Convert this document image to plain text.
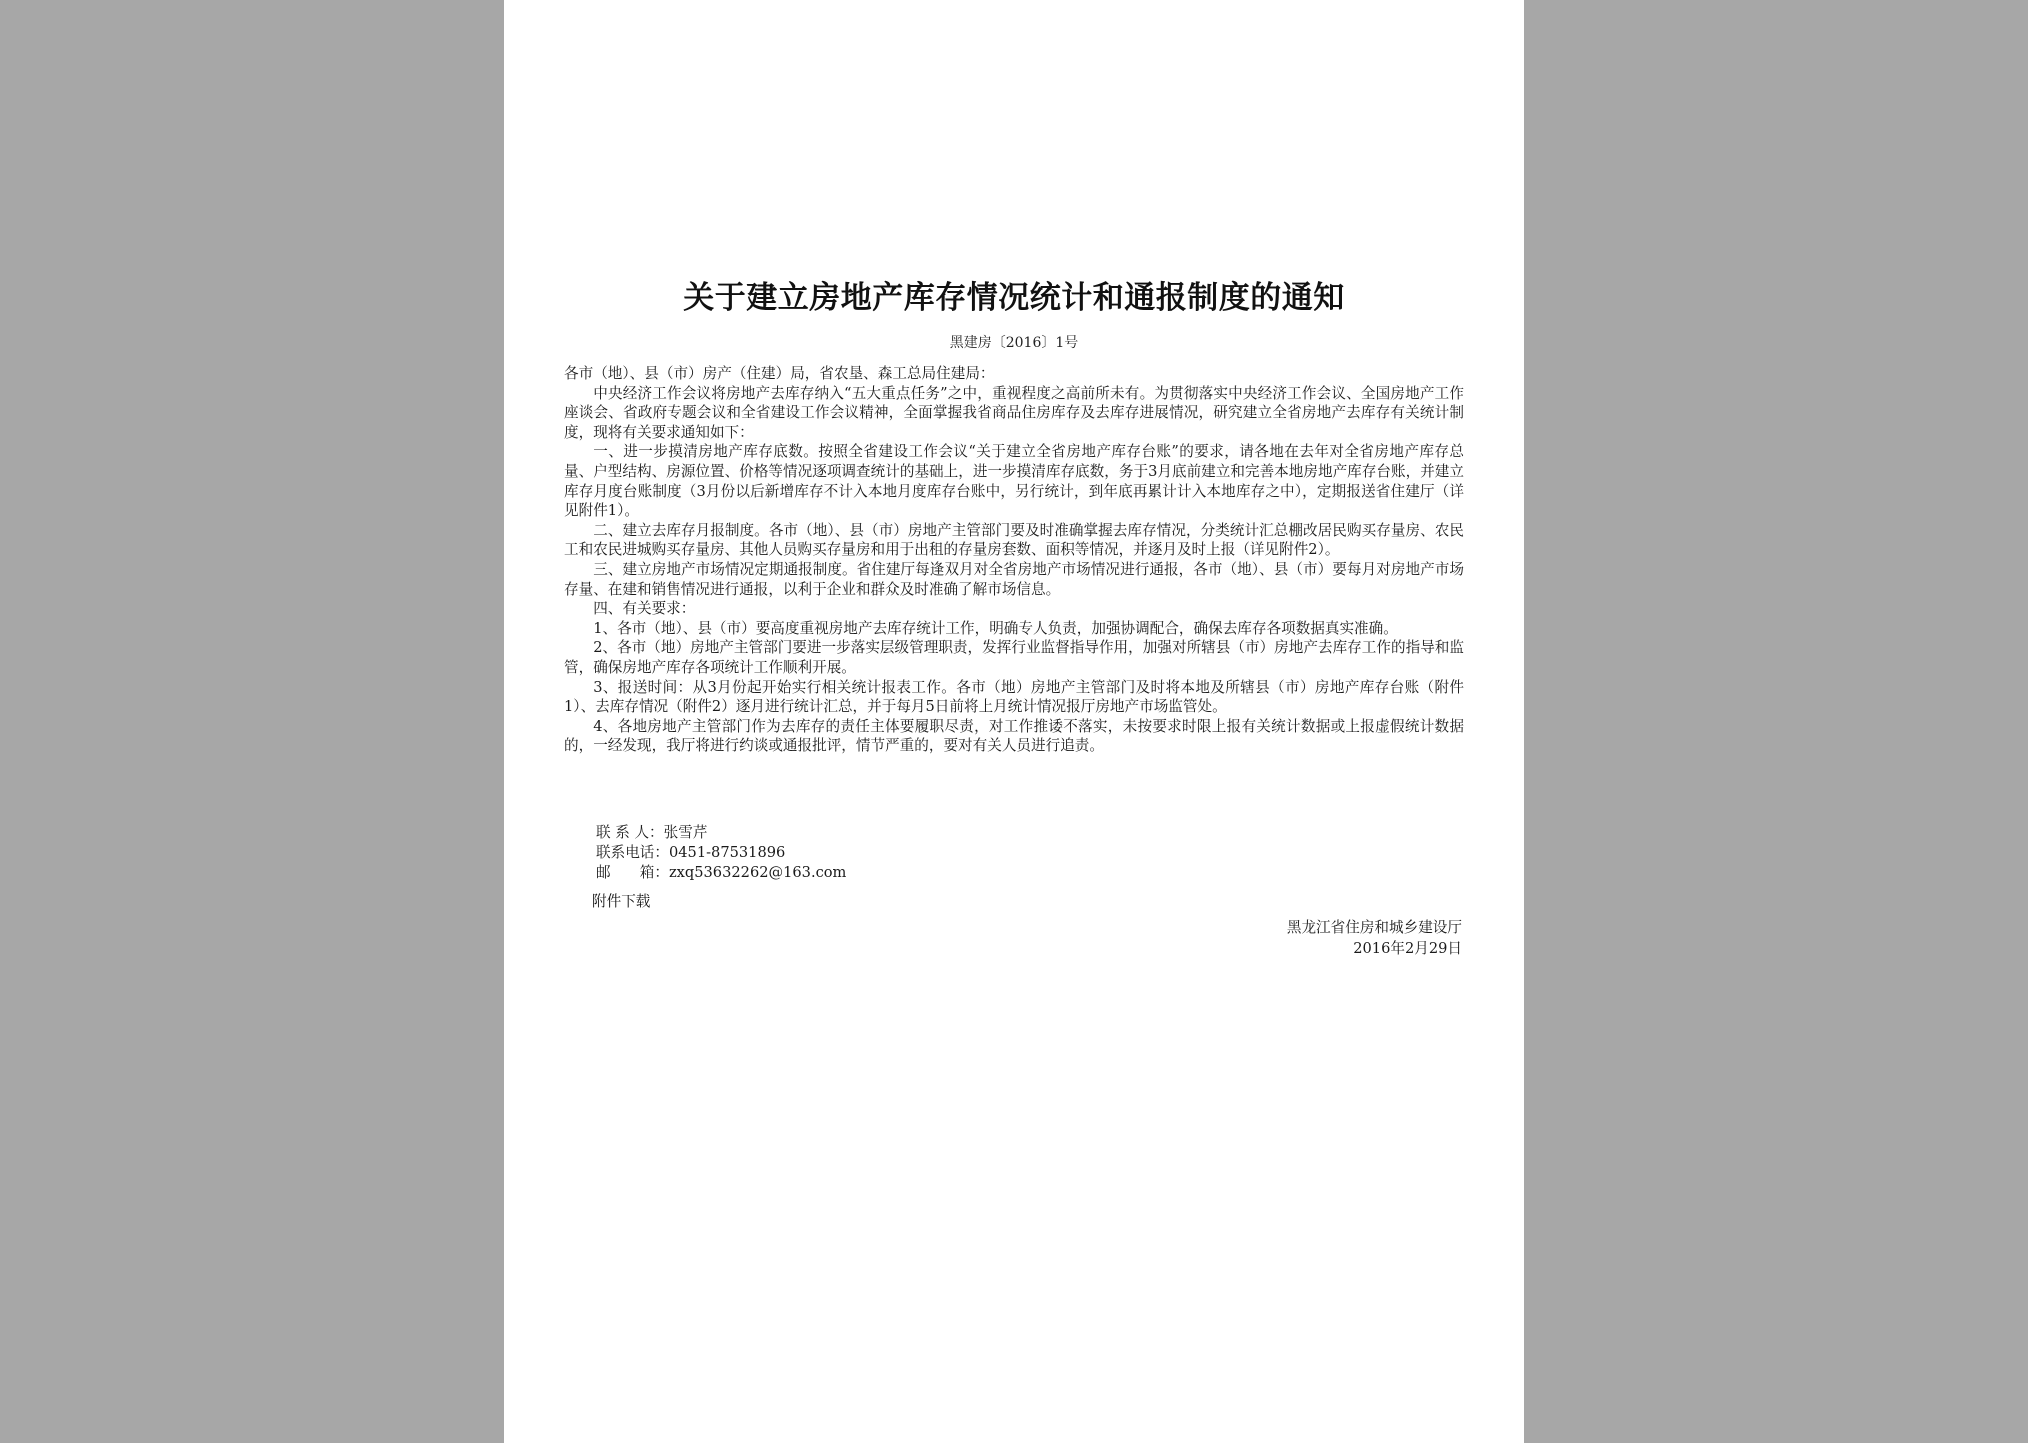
关于建立房地产库存情况统计和通报制度的通知
黑建房〔2016〕1号

各市（地）、县（市）房产（住建）局，省农垦、森工总局住建局：

中央经济工作会议将房地产去库存纳入“五大重点任务”之中，重视程度之高前所未有。为贯彻落实中央经济工作会议、全国房地产工作座谈会、省政府专题会议和全省建设工作会议精神，全面掌握我省商品住房库存及去库存进展情况，研究建立全省房地产去库存有关统计制度，现将有关要求通知如下：

一、进一步摸清房地产库存底数。按照全省建设工作会议“关于建立全省房地产库存台账”的要求，请各地在去年对全省房地产库存总量、户型结构、房源位置、价格等情况逐项调查统计的基础上，进一步摸清库存底数，务于3月底前建立和完善本地房地产库存台账，并建立库存月度台账制度（3月份以后新增库存不计入本地月度库存台账中，另行统计，到年底再累计计入本地库存之中），定期报送省住建厅（详见附件1）。

二、建立去库存月报制度。各市（地）、县（市）房地产主管部门要及时准确掌握去库存情况，分类统计汇总棚改居民购买存量房、农民工和农民进城购买存量房、其他人员购买存量房和用于出租的存量房套数、面积等情况，并逐月及时上报（详见附件2）。

三、建立房地产市场情况定期通报制度。省住建厅每逢双月对全省房地产市场情况进行通报，各市（地）、县（市）要每月对房地产市场存量、在建和销售情况进行通报，以利于企业和群众及时准确了解市场信息。

四、有关要求：

1、各市（地）、县（市）要高度重视房地产去库存统计工作，明确专人负责，加强协调配合，确保去库存各项数据真实准确。

2、各市（地）房地产主管部门要进一步落实层级管理职责，发挥行业监督指导作用，加强对所辖县（市）房地产去库存工作的指导和监管，确保房地产库存各项统计工作顺利开展。

3、报送时间：从3月份起开始实行相关统计报表工作。各市（地）房地产主管部门及时将本地及所辖县（市）房地产库存台账（附件1）、去库存情况（附件2）逐月进行统计汇总，并于每月5日前将上月统计情况报厅房地产市场监管处。

4、各地房地产主管部门作为去库存的责任主体要履职尽责，对工作推诿不落实，未按要求时限上报有关统计数据或上报虚假统计数据的，一经发现，我厅将进行约谈或通报批评，情节严重的，要对有关人员进行追责。

联 系 人：张雪芹
联系电话：0451-87531896
邮　　箱：zxq53632262@163.com
附件下载
黑龙江省住房和城乡建设厅
2016年2月29日
